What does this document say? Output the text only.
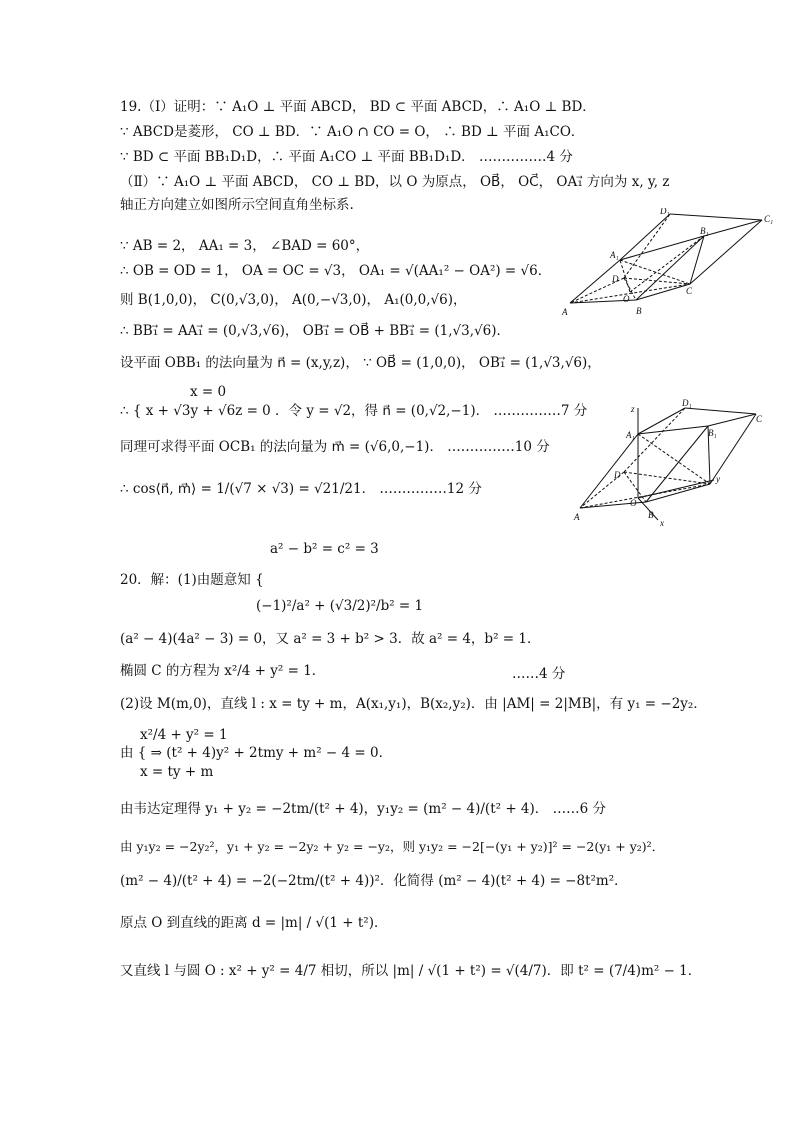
19.（Ⅰ）证明：∵ A₁O ⊥ 平面 ABCD， BD ⊂ 平面 ABCD，∴ A₁O ⊥ BD．
∵ ABCD是菱形， CO ⊥ BD．∵ A₁O ∩ CO = O， ∴ BD ⊥ 平面 A₁CO．
∵ BD ⊂ 平面 BB₁D₁D，∴ 平面 A₁CO ⊥ 平面 BB₁D₁D． ……………4 分
（Ⅱ）∵ A₁O ⊥ 平面 ABCD， CO ⊥ BD，以 O 为原点， OB⃗， OC⃗， OA₁⃗ 方向为 x, y, z
轴正方向建立如图所示空间直角坐标系.
∵ AB = 2， AA₁ = 3， ∠BAD = 60°，
∴ OB = OD = 1， OA = OC = √3， OA₁ = √(AA₁² − OA²) = √6．
则 B(1,0,0)， C(0,√3,0)， A(0,−√3,0)， A₁(0,0,√6)，
∴ BB₁⃗ = AA₁⃗ = (0,√3,√6)， OB₁⃗ = OB⃗ + BB₁⃗ = (1,√3,√6)．
设平面 OBB₁ 的法向量为 n⃗ = (x,y,z)， ∵ OB⃗ = (1,0,0)， OB₁⃗ = (1,√3,√6)，
x = 0
∴ { x + √3y + √6z = 0 ．令 y = √2，得 n⃗ = (0,√2,−1)． ……………7 分
同理可求得平面 OCB₁ 的法向量为 m⃗ = (√6,0,−1)． ……………10 分
∴ cos⟨n⃗, m⃗⟩ = 1/(√7 × √3) = √21/21． ……………12 分
A	B
C
D
O
A₁
B₁
C₁
D₁
A	B
C
D
O
A₁	B₁
D₁
z
y
x
a² − b² = c² = 3
20．解：(1)由题意知 {
(−1)²/a² + (√3/2)²/b² = 1
(a² − 4)(4a² − 3) = 0，又 a² = 3 + b² > 3．故 a² = 4，b² = 1．
椭圆 C 的方程为 x²/4 + y² = 1．	……4 分
(2)设 M(m,0)，直线 l : x = ty + m，A(x₁,y₁)，B(x₂,y₂)．由 |AM| = 2|MB|，有 y₁ = −2y₂．
x²/4 + y² = 1
由 { ⇒ (t² + 4)y² + 2tmy + m² − 4 = 0．
x = ty + m
由韦达定理得 y₁ + y₂ = −2tm/(t² + 4)，y₁y₂ = (m² − 4)/(t² + 4)． ……6 分
由 y₁y₂ = −2y₂²，y₁ + y₂ = −2y₂ + y₂ = −y₂，则 y₁y₂ = −2[−(y₁ + y₂)]² = −2(y₁ + y₂)²．
(m² − 4)/(t² + 4) = −2(−2tm/(t² + 4))²．化简得 (m² − 4)(t² + 4) = −8t²m²．
原点 O 到直线的距离 d = |m| / √(1 + t²)．
又直线 l 与圆 O : x² + y² = 4/7 相切，所以 |m| / √(1 + t²) = √(4/7)．即 t² = (7/4)m² − 1．
